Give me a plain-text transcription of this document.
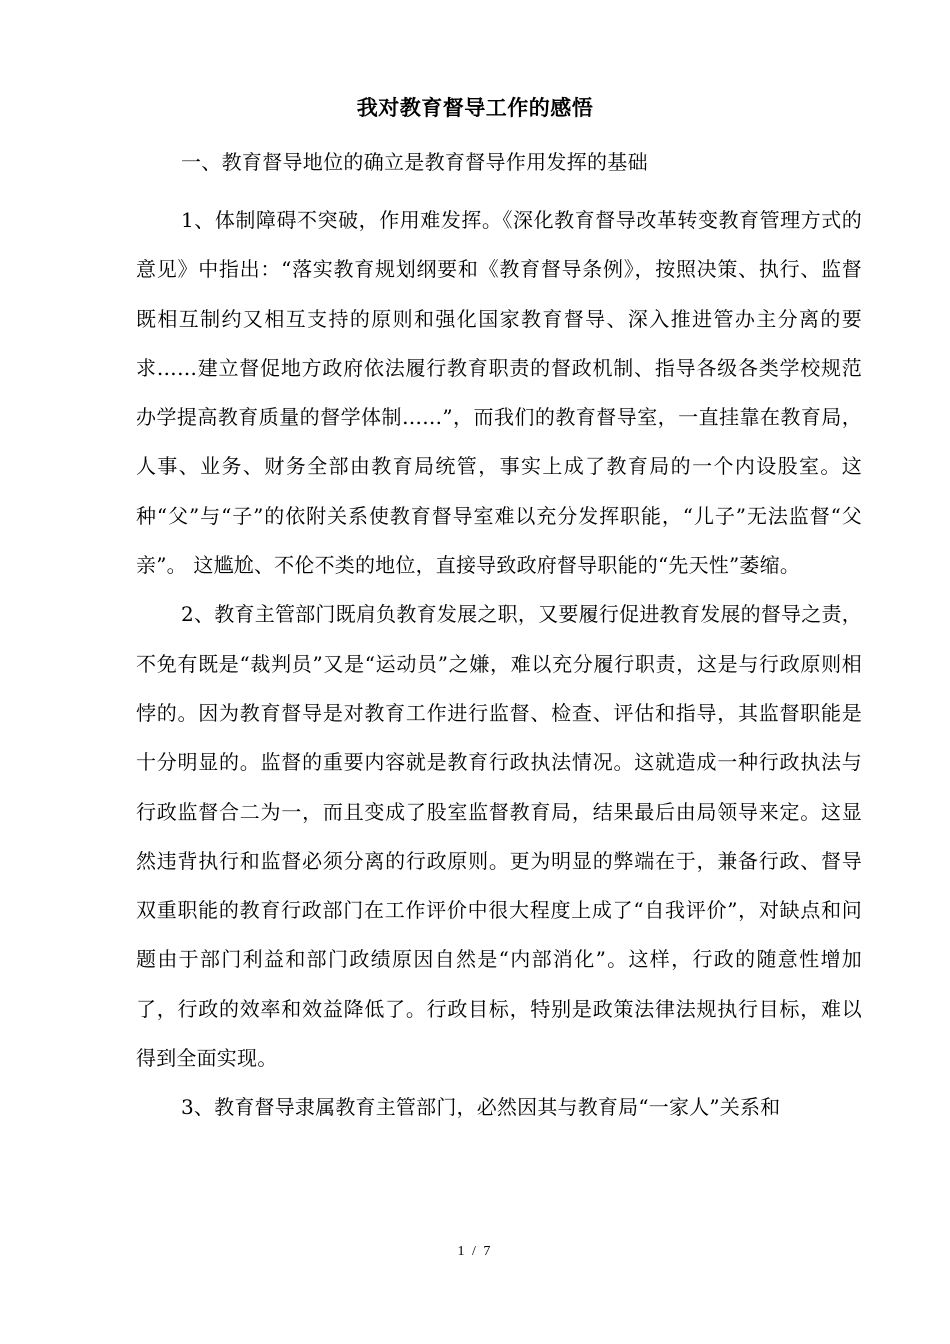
我对教育督导工作的感悟
一、教育督导地位的确立是教育督导作用发挥的基础

1、体制障碍不突破，作用难发挥。《深化教育督导改革转变教育管理方式的意见》中指出：“落实教育规划纲要和《教育督导条例》，按照决策、执行、监督既相互制约又相互支持的原则和强化国家教育督导、深入推进管办主分离的要求……建立督促地方政府依法履行教育职责的督政机制、指导各级各类学校规范办学提高教育质量的督学体制……”，而我们的教育督导室，一直挂靠在教育局，人事、业务、财务全部由教育局统管，事实上成了教育局的一个内设股室。这种“父”与“子”的依附关系使教育督导室难以充分发挥职能，“儿子”无法监督“父亲”。 这尴尬、不伦不类的地位，直接导致政府督导职能的“先天性”萎缩。

2、教育主管部门既肩负教育发展之职，又要履行促进教育发展的督导之责，不免有既是“裁判员”又是“运动员”之嫌，难以充分履行职责，这是与行政原则相悖的。因为教育督导是对教育工作进行监督、检查、评估和指导，其监督职能是十分明显的。监督的重要内容就是教育行政执法情况。这就造成一种行政执法与行政监督合二为一，而且变成了股室监督教育局，结果最后由局领导来定。这显然违背执行和监督必须分离的行政原则。更为明显的弊端在于，兼备行政、督导双重职能的教育行政部门在工作评价中很大程度上成了“自我评价”，对缺点和问题由于部门利益和部门政绩原因自然是“内部消化”。这样，行政的随意性增加了，行政的效率和效益降低了。行政目标，特别是政策法律法规执行目标，难以得到全面实现。

3、教育督导隶属教育主管部门，必然因其与教育局“一家人”关系和

1 / 7
